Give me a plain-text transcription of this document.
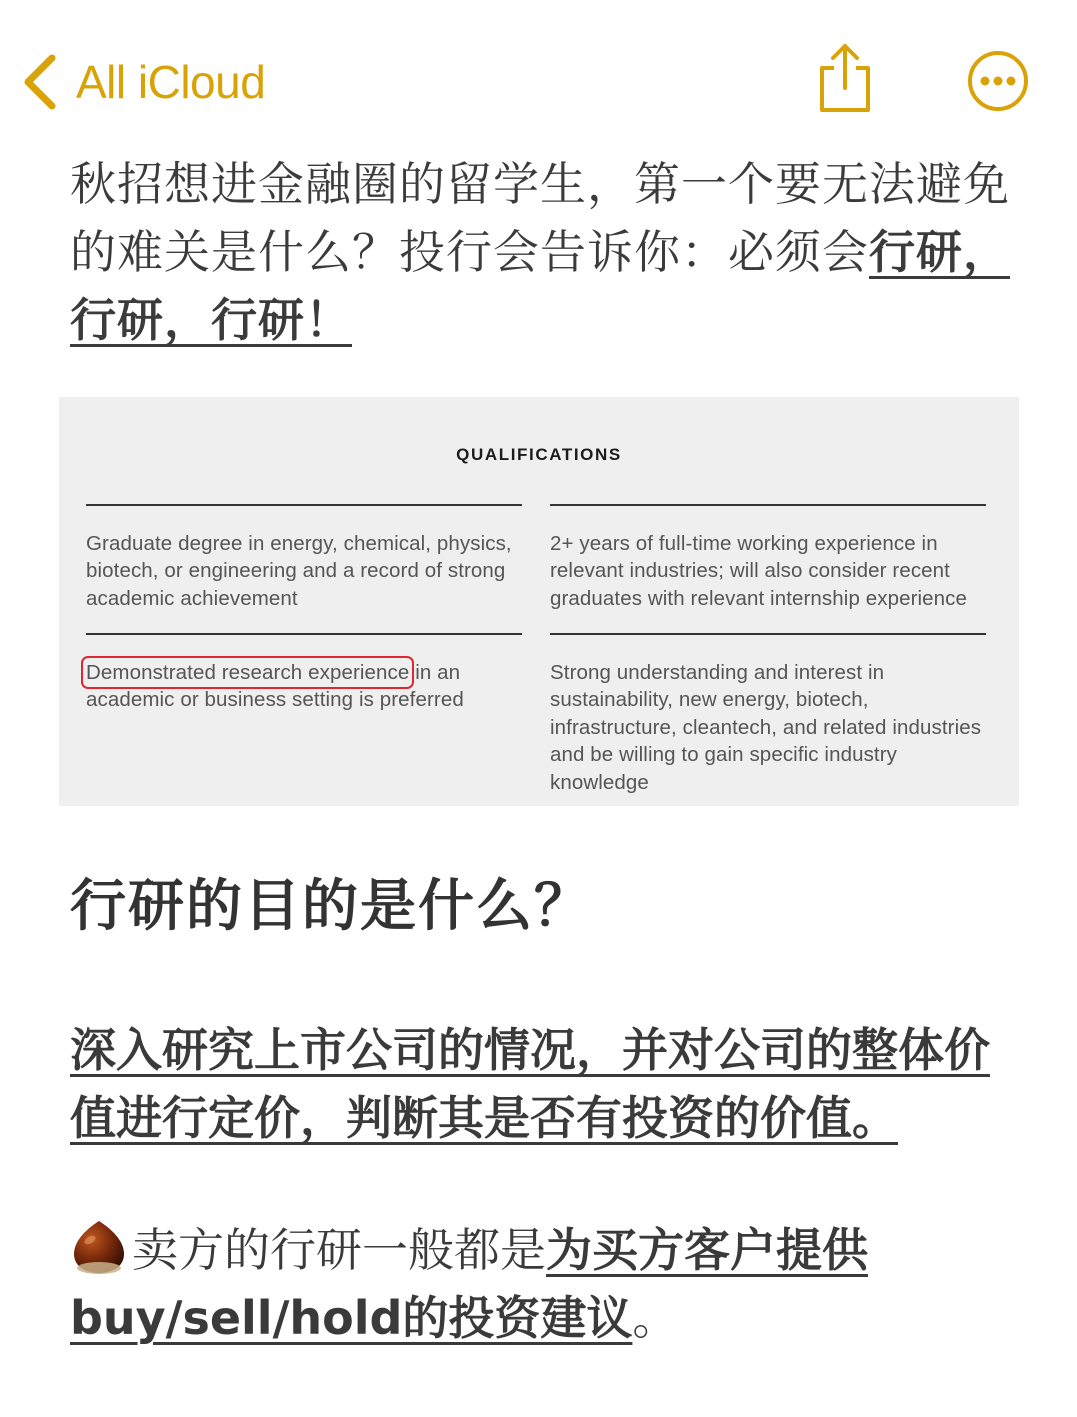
All iCloud
秋招想进金融圈的留学生，第一个要无法避免的难关是什么？投行会告诉你：必须会行研，行研，行研！
QUALIFICATIONS

Graduate degree in energy, chemical, physics, biotech, or engineering and a record of strong academic achievement

2+ years of full-time working experience in relevant industries; will also consider recent graduates with relevant internship experience

Demonstrated research experience in an academic or business setting is preferred

Strong understanding and interest in sustainability, new energy, biotech, infrastructure, cleantech, and related industries and be willing to gain specific industry knowledge

行研的目的是什么？
深入研究上市公司的情况，并对公司的整体价值进行定价，判断其是否有投资的价值。
卖方的行研一般都是为买方客户提供buy/sell/hold的投资建议。
